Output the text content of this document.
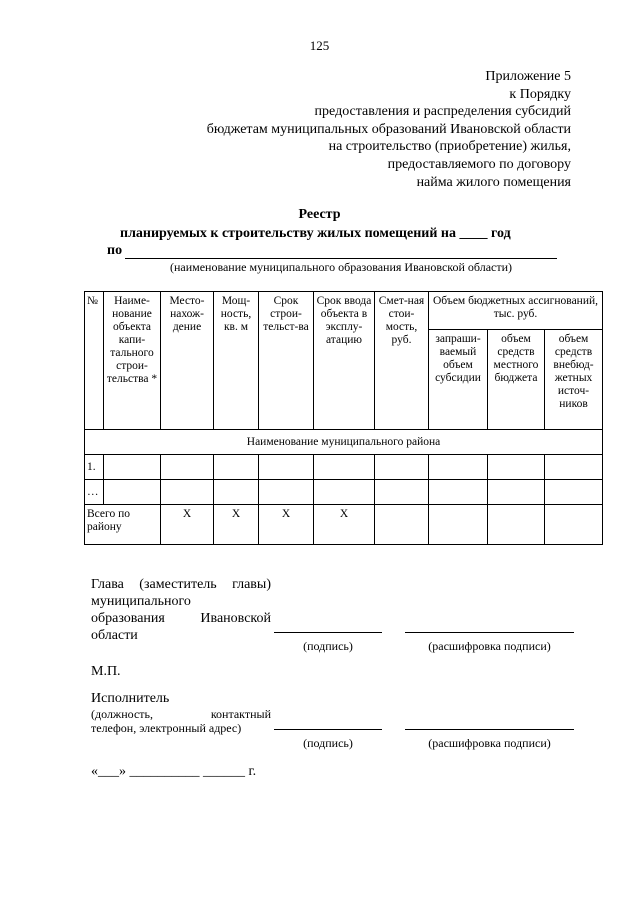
125
Приложение 5
к Порядку
предоставления и распределения субсидий
бюджетам муниципальных образований Ивановской области
на строительство (приобретение) жилья,
предоставляемого по договору
найма жилого помещения
Реестр
планируемых к строительству жилых помещений на ____ год
по
(наименование муниципального образования Ивановской области)
№	Наиме-нование объекта капи-тального строи-тельства *	Место-нахож-дение	Мощ-ность, кв. м	Срок строи-тельст-ва	Срок ввода объекта в эксплу-атацию	Смет-ная стои-мость, руб.	Объем бюджетных ассигнований, тыс. руб.		
							запраши-ваемый объем субсидии	объем средств местного бюджета	объем средств внебюд-жетных источ-ников
Наименование муниципального района									
1.									
…									
Всего по району		Х	Х	Х	Х				
Глава (заместитель главы)
муниципального
образования	Ивановской
области
(подпись)	(расшифровка подписи)
М.П.
Исполнитель
(должность,	контактный
телефон, электронный адрес)
(подпись)	(расшифровка подписи)
«___» __________ ______ г.
